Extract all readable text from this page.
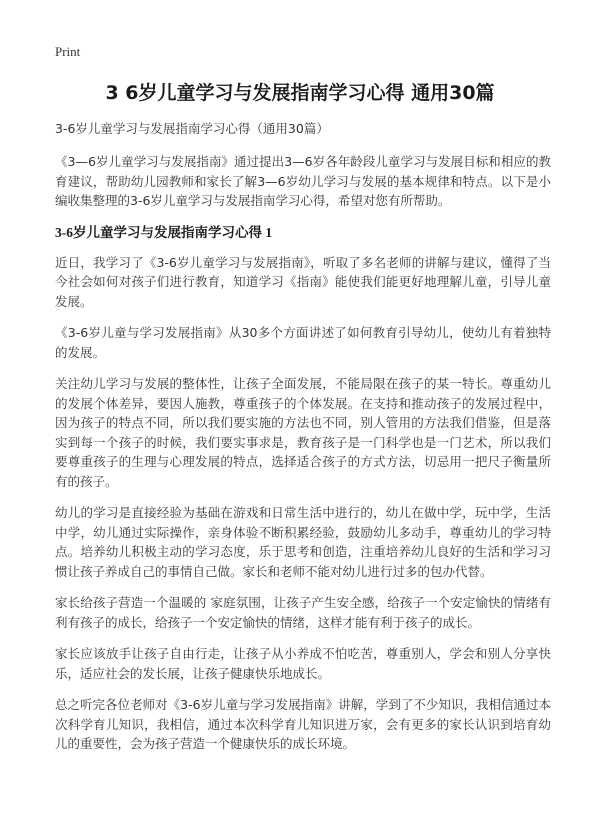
Print
3 6岁儿童学习与发展指南学习心得 通用30篇

3-6岁儿童学习与发展指南学习心得（通用30篇）

《3—6岁儿童学习与发展指南》通过提出3—6岁各年龄段儿童学习与发展目标和相应的教育建议，帮助幼儿园教师和家长了解3—6岁幼儿学习与发展的基本规律和特点。以下是小编收集整理的3-6岁儿童学习与发展指南学习心得，希望对您有所帮助。

3-6岁儿童学习与发展指南学习心得 1

近日，我学习了《3-6岁儿童学习与发展指南》，听取了多名老师的讲解与建议，懂得了当今社会如何对孩子们进行教育，知道学习《指南》能使我们能更好地理解儿童，引导儿童发展。

《3-6岁儿童与学习发展指南》从30多个方面讲述了如何教育引导幼儿，使幼儿有着独特的发展。

关注幼儿学习与发展的整体性，让孩子全面发展，不能局限在孩子的某一特长。尊重幼儿的发展个体差异，要因人施教，尊重孩子的个体发展。在支持和推动孩子的发展过程中，因为孩子的特点不同，所以我们要实施的方法也不同，别人管用的方法我们借鉴，但是落实到每一个孩子的时候，我们要实事求是，教育孩子是一门科学也是一门艺术，所以我们要尊重孩子的生理与心理发展的特点，选择适合孩子的方式方法，切忌用一把尺子衡量所有的孩子。

幼儿的学习是直接经验为基础在游戏和日常生活中进行的，幼儿在做中学，玩中学，生活中学，幼儿通过实际操作，亲身体验不断积累经验，鼓励幼儿多动手，尊重幼儿的学习特点。培养幼儿积极主动的学习态度，乐于思考和创造，注重培养幼儿良好的生活和学习习惯让孩子养成自己的事情自己做。家长和老师不能对幼儿进行过多的包办代替。

家长给孩子营造一个温暖的 家庭氛围，让孩子产生安全感，给孩子一个安定愉快的情绪有利有孩子的成长，给孩子一个安定愉快的情绪，这样才能有利于孩子的成长。

家长应该放手让孩子自由行走，让孩子从小养成不怕吃苦，尊重别人，学会和别人分享快乐，适应社会的发长展，让孩子健康快乐地成长。

总之听完各位老师对《3-6岁儿童与学习发展指南》讲解，学到了不少知识，我相信通过本次科学育儿知识，我相信，通过本次科学育儿知识进万家，会有更多的家长认识到培育幼儿的重要性，会为孩子营造一个健康快乐的成长环境。
